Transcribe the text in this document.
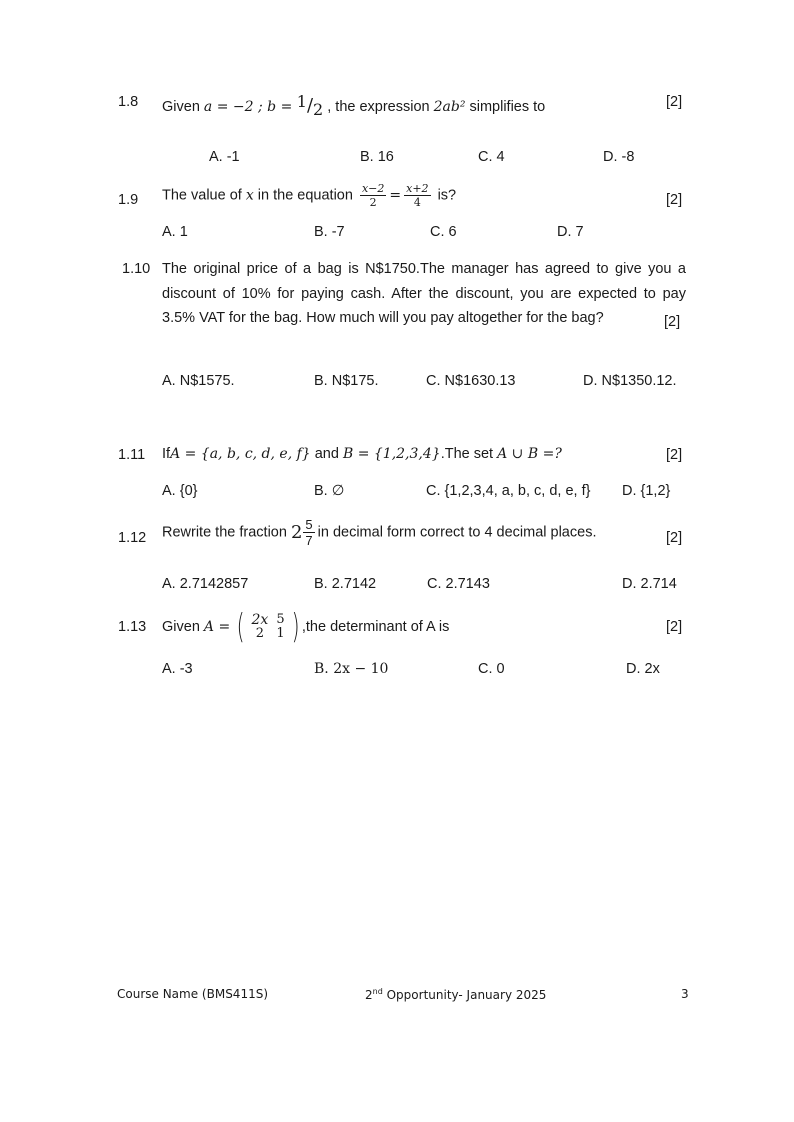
1.8 Given a = −2 ; b = 1/2 , the expression 2ab² simplifies to	[2]
A. -1	B. 16	C. 4	D. -8
1.9 The value of x in the equation $\frac{x-2}{2} = \frac{x+2}{4}$ is?	[2]
A. 1	B. -7	C. 6	D. 7
1.10 The original price of a bag is N$1750.The manager has agreed to give you a discount of 10% for paying cash. After the discount, you are expected to pay 3.5% VAT for the bag. How much will you pay altogether for the bag?	[2]
A. N$1575.	B. N$175.	C. N$1630.13	D. N$1350.12.
1.11 IfA = {a, b, c, d, e, f} and B = {1,2,3,4}.The set A ∪ B =?	[2]
A. {0}	B. ∅	C. {1,2,3,4, a, b, c, d, e, f} D. {1,2}
1.12 Rewrite the fraction $2 \frac{5}{7}$ in decimal form correct to 4 decimal places.	[2]
A. 2.7142857	B. 2.7142	C. 2.7143	D. 2.714
1.13 Given A = ( 2x	5
2	1 ) ,the determinant of A is	[2]
A. -3	B. 2x − 10	C. 0	D. 2x
Course Name (BMS411S)	2nd Opportunity- January 2025	3
